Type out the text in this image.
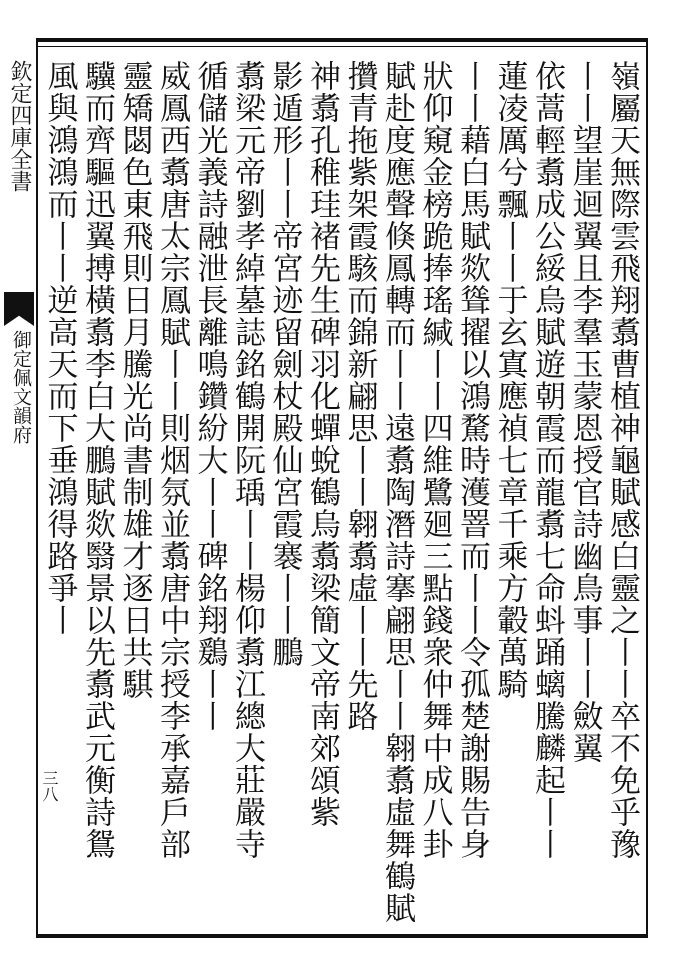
欽定四庫全書
御定佩文韻府
三八	嶺屬天無際雲飛翔翥曹植神龜賦感白靈之丨丨卒不免乎豫
丨丨望崖迴翼且李羣玉蒙恩授官詩幽鳥事丨丨斂翼
依蒿輕翥成公綏烏賦遊朝霞而龍翥七命蚪踊螭騰麟起丨丨
蓮凌厲兮飄丨丨于玄寘應禎七章千乘方轂萬騎
丨丨藉白馬賦欻聳擢以鴻騖時濩罯而丨丨令孤楚謝賜告身
狀仰窺金榜跪捧瑤緘丨丨四維鷺廻三點錢衆仲舞中成八卦
賦赴度應聲倏鳳轉而丨丨遠翥陶潛詩搴翩思丨丨翱翥虛舞鶴賦
攢青拖紫架霞駭而錦新翩思丨丨翱翥虛丨丨先路
神翥孔稚珪褚先生碑羽化蟬蛻鶴烏翥梁簡文帝南郊頌紫
影遁形丨丨帝宮迹留劍杖殿仙宮霞褰丨丨鵬
翥梁元帝劉孝綽墓誌銘鶴開阮瑀丨丨楊仰翥江總大莊嚴寺
循儲光義詩融泄長離鳴鑽紛大丨丨碑銘翔鶢丨丨
威鳳西翥唐太宗鳳賦丨丨則烟氛並翥唐中宗授李承嘉戶部
靈矯閟色東飛則日月騰光尚書制雄才逐日共騏
驥而齊驅迅翼搏橫翥李白大鵬賦欻翳景以先翥武元衡詩鴛
風與鴻鴻而丨丨逆高天而下垂鴻得路爭丨
